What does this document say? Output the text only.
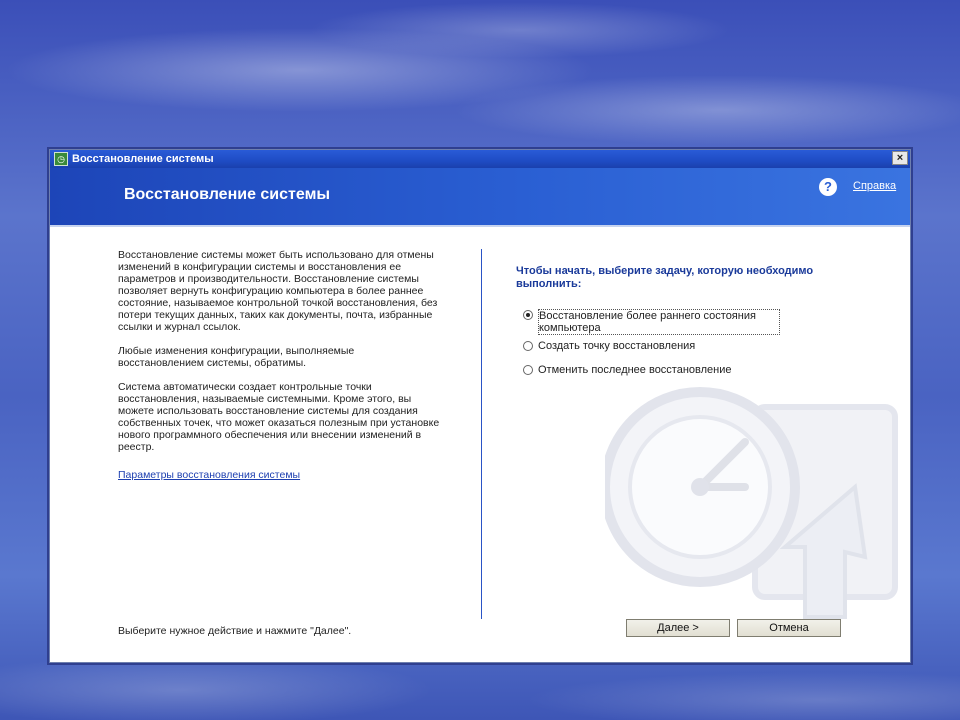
◷ Восстановление системы	×
Восстановление системы	?	Справка

Восстановление системы может быть использовано для отмены изменений в конфигурации системы и восстановления ее параметров и производительности. Восстановление системы позволяет вернуть конфигурацию компьютера в более раннее состояние, называемое контрольной точкой восстановления, без потери текущих данных, таких как документы, почта, избранные ссылки и журнал ссылок.

Любые изменения конфигурации, выполняемые восстановлением системы, обратимы.

Система автоматически создает контрольные точки восстановления, называемые системными. Кроме этого, вы можете использовать восстановление системы для создания собственных точек, что может оказаться полезным при установке нового программного обеспечения или внесении изменений в реестр.

Параметры восстановления системы

Чтобы начать, выберите задачу, которую необходимо выполнить:
Восстановление более раннего состояния компьютера
Создать точку восстановления
Отменить последнее восстановление
Выберите нужное действие и нажмите "Далее".	Далее >	Отмена
